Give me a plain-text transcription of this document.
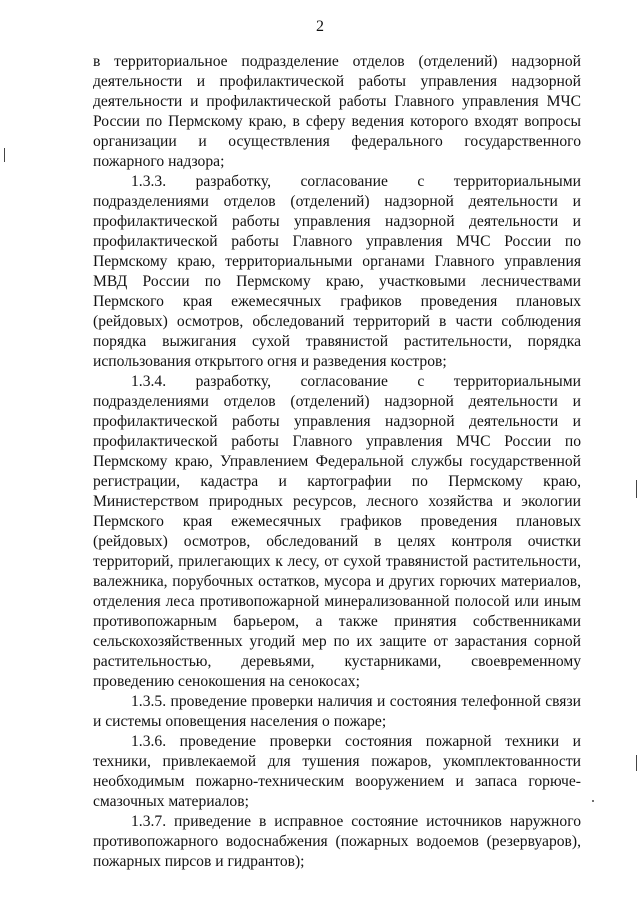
2

в территориальное подразделение отделов (отделений) надзорной деятельности и профилактической работы управления надзорной деятельности и профилактической работы Главного управления МЧС России по Пермскому краю, в сферу ведения которого входят вопросы организации и осуществления федерального государственного пожарного надзора;

1.3.3. разработку, согласование с территориальными подразделениями отделов (отделений) надзорной деятельности и профилактической работы управления надзорной деятельности и профилактической работы Главного управления МЧС России по Пермскому краю, территориальными органами Главного управления МВД России по Пермскому краю, участковыми лесничествами Пермского края ежемесячных графиков проведения плановых (рейдовых) осмотров, обследований территорий в части соблюдения порядка выжигания сухой травянистой растительности, порядка использования открытого огня и разведения костров;

1.3.4. разработку, согласование с территориальными подразделениями отделов (отделений) надзорной деятельности и профилактической работы управления надзорной деятельности и профилактической работы Главного управления МЧС России по Пермскому краю, Управлением Федеральной службы государственной регистрации, кадастра и картографии по Пермскому краю, Министерством природных ресурсов, лесного хозяйства и экологии Пермского края ежемесячных графиков проведения плановых (рейдовых) осмотров, обследований в целях контроля очистки территорий, прилегающих к лесу, от сухой травянистой растительности, валежника, порубочных остатков, мусора и других горючих материалов, отделения леса противопожарной минерализованной полосой или иным противопожарным барьером, а также принятия собственниками сельскохозяйственных угодий мер по их защите от зарастания сорной растительностью, деревьями, кустарниками, своевременному проведению сенокошения на сенокосах;

1.3.5. проведение проверки наличия и состояния телефонной связи и системы оповещения населения о пожаре;

1.3.6. проведение проверки состояния пожарной техники и техники, привлекаемой для тушения пожаров, укомплектованности необходимым пожарно-техническим вооружением и запаса горюче-смазочных материалов;

1.3.7. приведение в исправное состояние источников наружного противопожарного водоснабжения (пожарных водоемов (резервуаров), пожарных пирсов и гидрантов);
